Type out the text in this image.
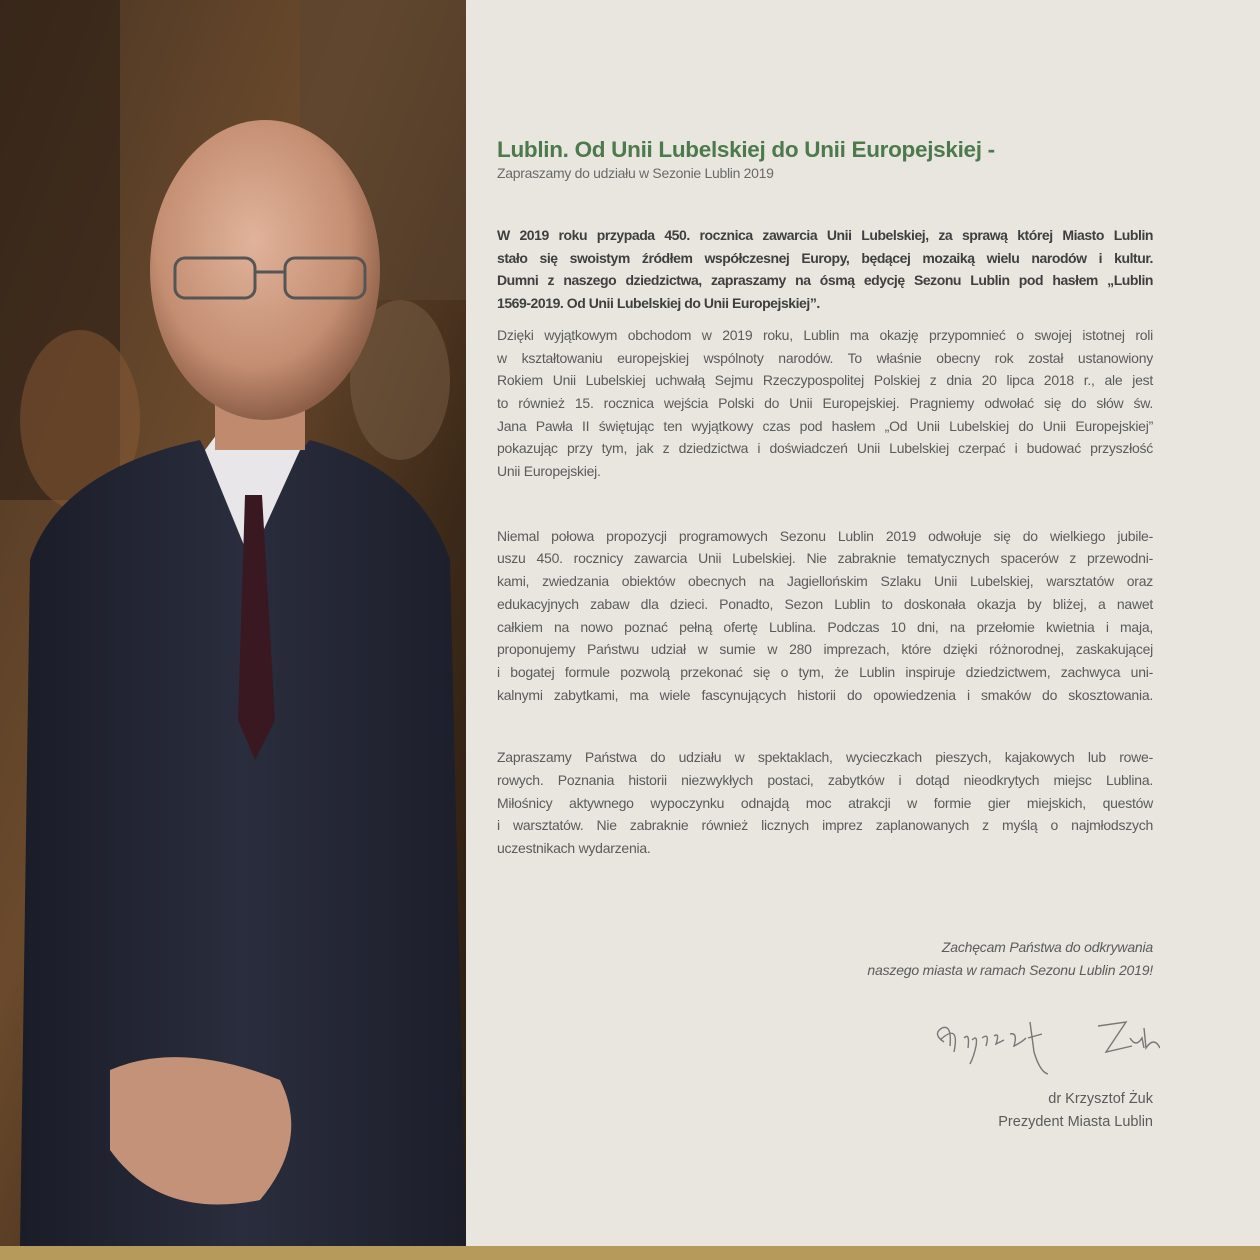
Lublin. Od Unii Lubelskiej do Unii Europejskiej -
Zapraszamy do udziału w Sezonie Lublin 2019

W 2019 roku przypada 450. rocznica zawarcia Unii Lubelskiej, za sprawą której Miasto Lublin
stało się swoistym źródłem współczesnej Europy, będącej mozaiką wielu narodów i kultur.
Dumni z naszego dziedzictwa, zapraszamy na ósmą edycję Sezonu Lublin pod hasłem „Lublin
1569-2019. Od Unii Lubelskiej do Unii Europejskiej”.

Dzięki wyjątkowym obchodom w 2019 roku, Lublin ma okazję przypomnieć o swojej istotnej roli
w kształtowaniu europejskiej wspólnoty narodów. To właśnie obecny rok został ustanowiony
Rokiem Unii Lubelskiej uchwałą Sejmu Rzeczypospolitej Polskiej z dnia 20 lipca 2018 r., ale jest
to również 15. rocznica wejścia Polski do Unii Europejskiej. Pragniemy odwołać się do słów św.
Jana Pawła II świętując ten wyjątkowy czas pod hasłem „Od Unii Lubelskiej do Unii Europejskiej”
pokazując przy tym, jak z dziedzictwa i doświadczeń Unii Lubelskiej czerpać i budować przyszłość
Unii Europejskiej.

Niemal połowa propozycji programowych Sezonu Lublin 2019 odwołuje się do wielkiego jubile-
uszu 450. rocznicy zawarcia Unii Lubelskiej. Nie zabraknie tematycznych spacerów z przewodni-
kami, zwiedzania obiektów obecnych na Jagiellońskim Szlaku Unii Lubelskiej, warsztatów oraz
edukacyjnych zabaw dla dzieci. Ponadto, Sezon Lublin to doskonała okazja by bliżej, a nawet
całkiem na nowo poznać pełną ofertę Lublina. Podczas 10 dni, na przełomie kwietnia i maja,
proponujemy Państwu udział w sumie w 280 imprezach, które dzięki różnorodnej, zaskakującej
i bogatej formule pozwolą przekonać się o tym, że Lublin inspiruje dziedzictwem, zachwyca uni-
kalnymi zabytkami, ma wiele fascynujących historii do opowiedzenia i smaków do skosztowania.

Zapraszamy Państwa do udziału w spektaklach, wycieczkach pieszych, kajakowych lub rowe-
rowych. Poznania historii niezwykłych postaci, zabytków i dotąd nieodkrytych miejsc Lublina.
Miłośnicy aktywnego wypoczynku odnajdą moc atrakcji w formie gier miejskich, questów
i warsztatów. Nie zabraknie również licznych imprez zaplanowanych z myślą o najmłodszych
uczestnikach wydarzenia.

Zachęcam Państwa do odkrywania
naszego miasta w ramach Sezonu Lublin 2019!
dr Krzysztof Żuk
Prezydent Miasta Lublin
